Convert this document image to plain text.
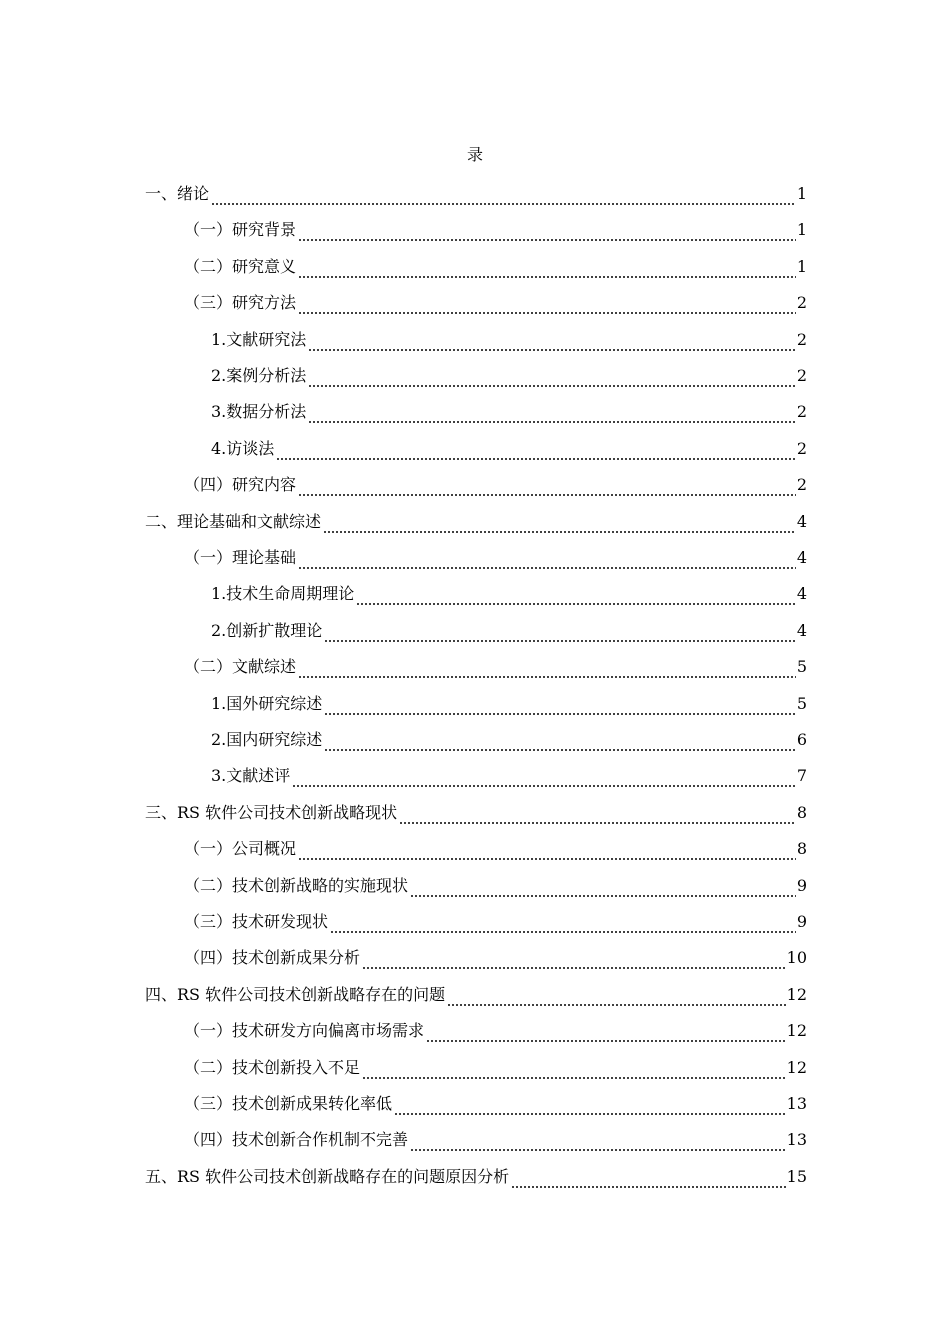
录
一、绪论	1
（一）研究背景	1
（二）研究意义	1
（三）研究方法	2
1.文献研究法	2
2.案例分析法	2
3.数据分析法	2
4.访谈法	2
（四）研究内容	2
二、理论基础和文献综述	4
（一）理论基础	4
1.技术生命周期理论	4
2.创新扩散理论	4
（二）文献综述	5
1.国外研究综述	5
2.国内研究综述	6
3.文献述评	7
三、RS 软件公司技术创新战略现状	8
（一）公司概况	8
（二）技术创新战略的实施现状	9
（三）技术研发现状	9
（四）技术创新成果分析	10
四、RS 软件公司技术创新战略存在的问题	12
（一）技术研发方向偏离市场需求	12
（二）技术创新投入不足	12
（三）技术创新成果转化率低	13
（四）技术创新合作机制不完善	13
五、RS 软件公司技术创新战略存在的问题原因分析	15
